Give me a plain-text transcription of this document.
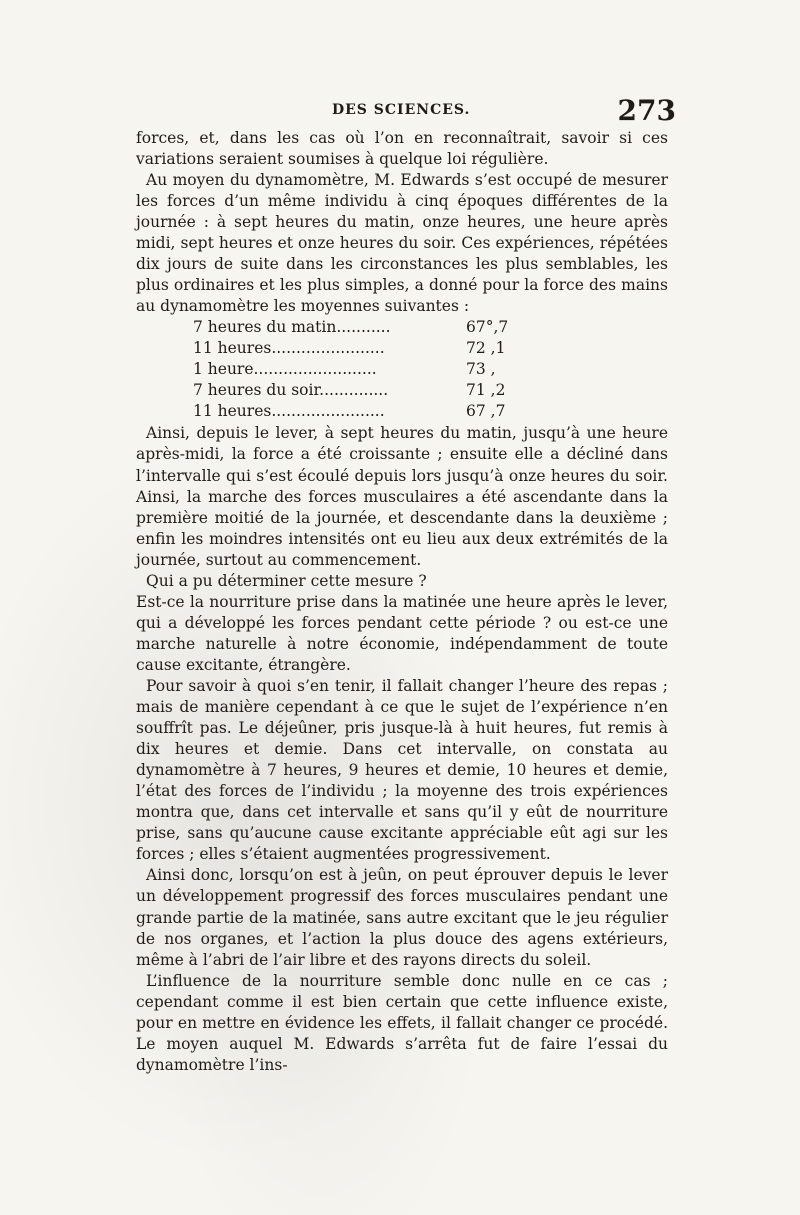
DES SCIENCES.	273

forces, et, dans les cas où l’on en reconnaîtrait, savoir si ces variations seraient soumises à quelque loi régulière.

Au moyen du dynamomètre, M. Edwards s’est occupé de mesurer les forces d’un même individu à cinq époques différentes de la journée : à sept heures du matin, onze heures, une heure après midi, sept heures et onze heures du soir. Ces expériences, répétées dix jours de suite dans les circonstances les plus semblables, les plus ordinaires et les plus simples, a donné pour la force des mains au dynamomètre les moyennes suivantes :

7 heures du matin...........	67°,7
11 heures.......................	72 ,1
1 heure.........................	73 ,
7 heures du soir..............	71 ,2
11 heures.......................	67 ,7

Ainsi, depuis le lever, à sept heures du matin, jusqu’à une heure après-midi, la force a été croissante ; ensuite elle a décliné dans l’intervalle qui s’est écoulé depuis lors jusqu’à onze heures du soir. Ainsi, la marche des forces musculaires a été ascendante dans la première moitié de la journée, et descendante dans la deuxième ; enfin les moindres intensités ont eu lieu aux deux extrémités de la journée, surtout au commencement.

Qui a pu déterminer cette mesure ?

Est-ce la nourriture prise dans la matinée une heure après le lever, qui a développé les forces pendant cette période ? ou est-ce une marche naturelle à notre économie, indépendamment de toute cause excitante, étrangère.

Pour savoir à quoi s’en tenir, il fallait changer l’heure des repas ; mais de manière cependant à ce que le sujet de l’expérience n’en souffrît pas. Le déjeûner, pris jusque-là à huit heures, fut remis à dix heures et demie. Dans cet intervalle, on constata au dynamomètre à 7 heures, 9 heures et demie, 10 heures et demie, l’état des forces de l’individu ; la moyenne des trois expériences montra que, dans cet intervalle et sans qu’il y eût de nourriture prise, sans qu’aucune cause excitante appréciable eût agi sur les forces ; elles s’étaient augmentées progressivement.

Ainsi donc, lorsqu’on est à jeûn, on peut éprouver depuis le lever un développement progressif des forces musculaires pendant une grande partie de la matinée, sans autre excitant que le jeu régulier de nos organes, et l’action la plus douce des agens extérieurs, même à l’abri de l’air libre et des rayons directs du soleil.

L’influence de la nourriture semble donc nulle en ce cas ; cependant comme il est bien certain que cette influence existe, pour en mettre en évidence les effets, il fallait changer ce procédé. Le moyen auquel M. Edwards s’arrêta fut de faire l’essai du dynamomètre l’ins-
